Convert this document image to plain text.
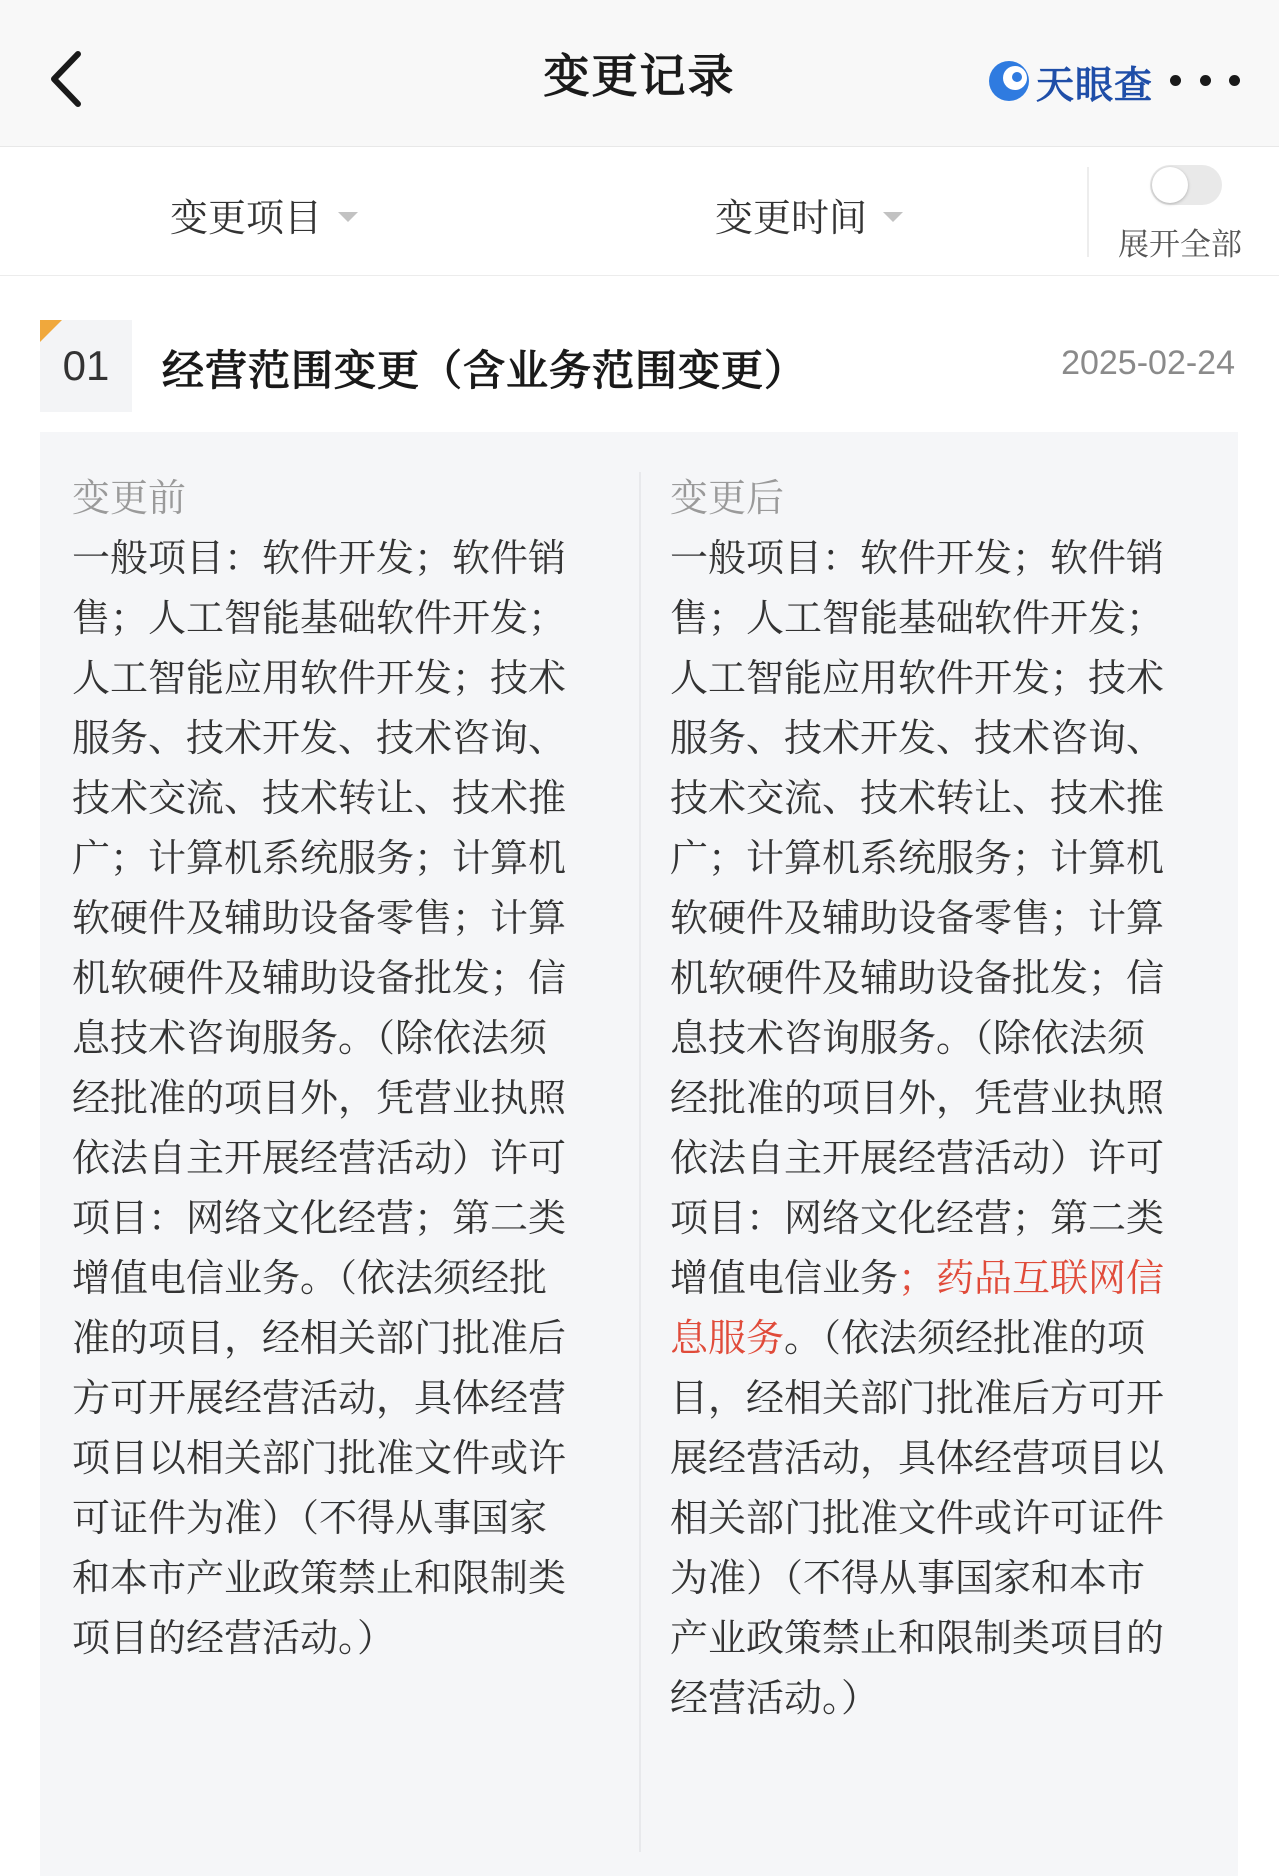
变更记录	天眼查
变更项目	变更时间
展开全部
01 经营范围变更（含业务范围变更）	2025-02-24
变更前
一般项目：软件开发；软件销售；人工智能基础软件开发；人工智能应用软件开发；技术服务、技术开发、技术咨询、技术交流、技术转让、技术推广；计算机系统服务；计算机软硬件及辅助设备零售；计算机软硬件及辅助设备批发；信息技术咨询服务。（除依法须经批准的项目外，凭营业执照依法自主开展经营活动）许可项目：网络文化经营；第二类增值电信业务。（依法须经批准的项目，经相关部门批准后方可开展经营活动，具体经营项目以相关部门批准文件或许可证件为准）（不得从事国家和本市产业政策禁止和限制类项目的经营活动。）
变更后
一般项目：软件开发；软件销售；人工智能基础软件开发；人工智能应用软件开发；技术服务、技术开发、技术咨询、技术交流、技术转让、技术推广；计算机系统服务；计算机软硬件及辅助设备零售；计算机软硬件及辅助设备批发；信息技术咨询服务。（除依法须经批准的项目外，凭营业执照依法自主开展经营活动）许可项目：网络文化经营；第二类增值电信业务；药品互联网信息服务。（依法须经批准的项目，经相关部门批准后方可开展经营活动，具体经营项目以相关部门批准文件或许可证件为准）（不得从事国家和本市产业政策禁止和限制类项目的经营活动。）
